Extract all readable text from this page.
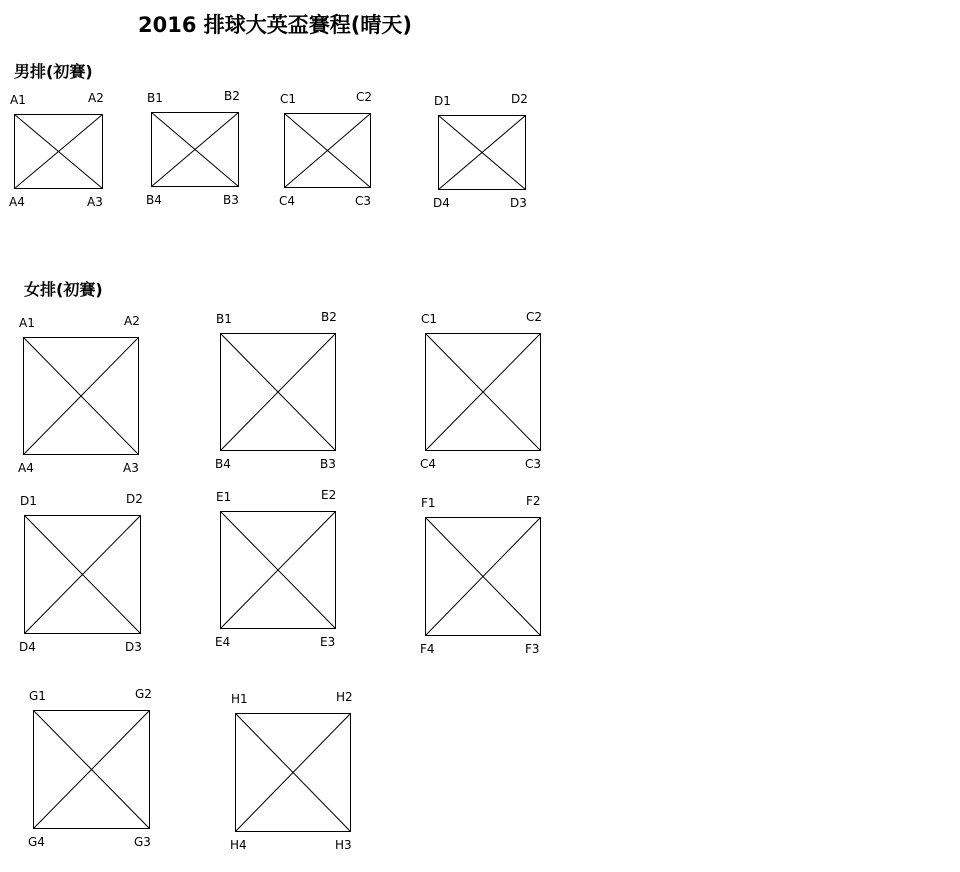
2016 排球大英盃賽程(晴天)
男排(初賽)
女排(初賽)
A1	A2
A3
A4
B1	B2
B3
B4
C1	C2
C3
C4
D1	D2
D3
D4
A1	A2
A3
A4
B1	B2
B3
B4
C1	C2
C3
C4
D1	D2
D3
D4
E1	E2
E3
E4
F1	F2
F3
F4
G1	G2
G3
G4
H1	H2
H3
H4
